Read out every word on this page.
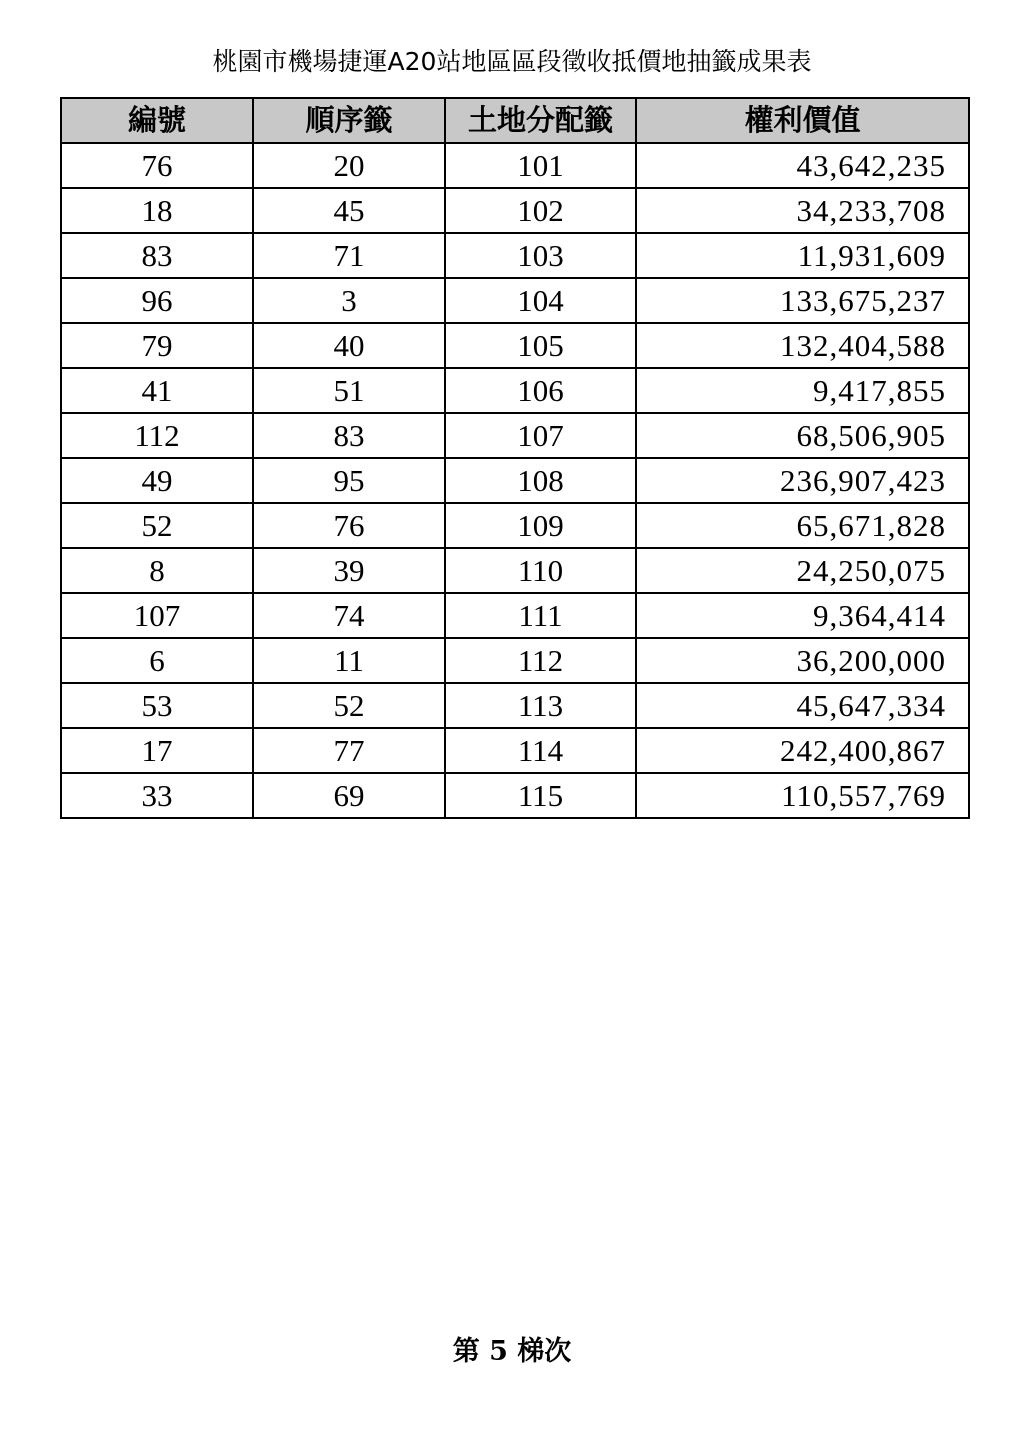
桃園市機場捷運A20站地區區段徵收抵價地抽籤成果表
編號	順序籤	土地分配籤	權利價值
76	20	101	43,642,235
18	45	102	34,233,708
83	71	103	11,931,609
96	3	104	133,675,237
79	40	105	132,404,588
41	51	106	9,417,855
112	83	107	68,506,905
49	95	108	236,907,423
52	76	109	65,671,828
8	39	110	24,250,075
107	74	111	9,364,414
6	11	112	36,200,000
53	52	113	45,647,334
17	77	114	242,400,867
33	69	115	110,557,769
第 5 梯次
